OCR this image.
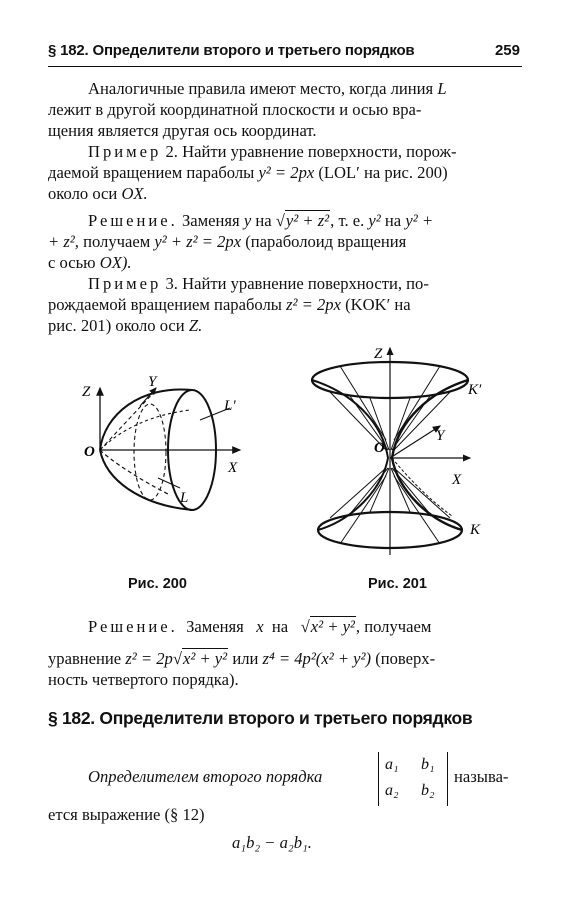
§ 182. Определители второго и третьего порядков	259
Аналогичные правила имеют место, когда линия L
лежит в другой координатной плоскости и осью вра-
щения является другая ось координат.
Пример 2. Найти уравнение поверхности, порож-
даемой вращением параболы y² = 2px (LOL′ на рис. 200)
около оси OX.
Решение. Заменяя y на √y² + z², т. е. y² на y² +
+ z², получаем y² + z² = 2px (параболоид вращения
с осью OX).
Пример 3. Найти уравнение поверхности, по-
рождаемой вращением параболы z² = 2px (KOK′ на
рис. 201) около оси Z.
Z
Y
X
O
L
L′
Z
Y
X
O
K
K′
Рис. 200	Рис. 201
Решение. Заменяя x на   √x² + y², получаем
уравнение z² = 2p√x² + y² или z⁴ = 4p²(x² + y²) (поверх-
ность четвертого порядка).
§ 182. Определители второго и третьего порядков
Определителем второго порядка
a₁ b₁
a₂ b₂
называ-
ется выражение (§ 12)
a₁b₂ − a₂b₁.
